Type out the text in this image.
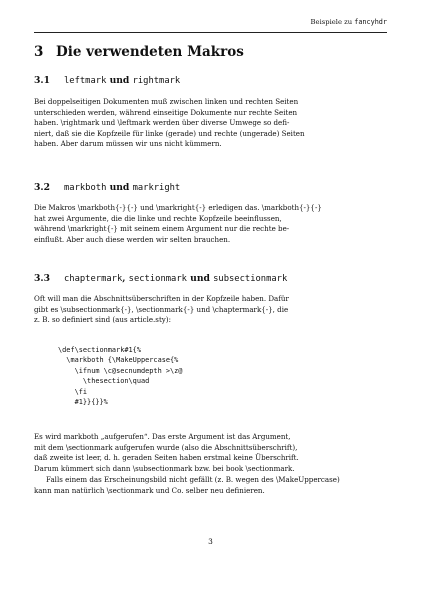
Beispiele zu fancyhdr
3 Die verwendeten Makros
3.1 leftmark und rightmark
Bei doppelseitigen Dokumenten muß zwischen linken und rechten Seiten
unterschieden werden, während einseitige Dokumente nur rechte Seiten
haben. \rightmark und \leftmark werden über diverse Umwege so defi-
niert, daß sie die Kopfzeile für linke (gerade) und rechte (ungerade) Seiten
haben. Aber darum müssen wir uns nicht kümmern.
3.2 markboth und markright
Die Makros \markboth{-}{-} und \markright{-} erledigen das. \markboth{-}{-}
hat zwei Argumente, die die linke und rechte Kopfzeile beeinflussen,
während \markright{-} mit seinem einem Argument nur die rechte be-
einflußt. Aber auch diese werden wir selten brauchen.
3.3 chaptermark, sectionmark und subsectionmark
Oft will man die Abschnittsüberschriften in der Kopfzeile haben. Dafür
gibt es \subsectionmark{-}, \sectionmark{-} und \chaptermark{-}, die
z. B. so definiert sind (aus article.sty):
\def\sectionmark#1{%
\markboth {\MakeUppercase{%
\ifnum \c@secnumdepth >\z@
\thesection\quad
\fi
#1}}{}}%
Es wird markboth „aufgerufen“. Das erste Argument ist das Argument,
mit dem \sectionmark aufgerufen wurde (also die Abschnittsüberschrift),
daß zweite ist leer, d. h. geraden Seiten haben erstmal keine Überschrift.
Darum kümmert sich dann \subsectionmark bzw. bei book \sectionmark.
Falls einem das Erscheinungsbild nicht gefällt (z. B. wegen des \MakeUppercase)
kann man natürlich \sectionmark und Co. selber neu definieren.
3
